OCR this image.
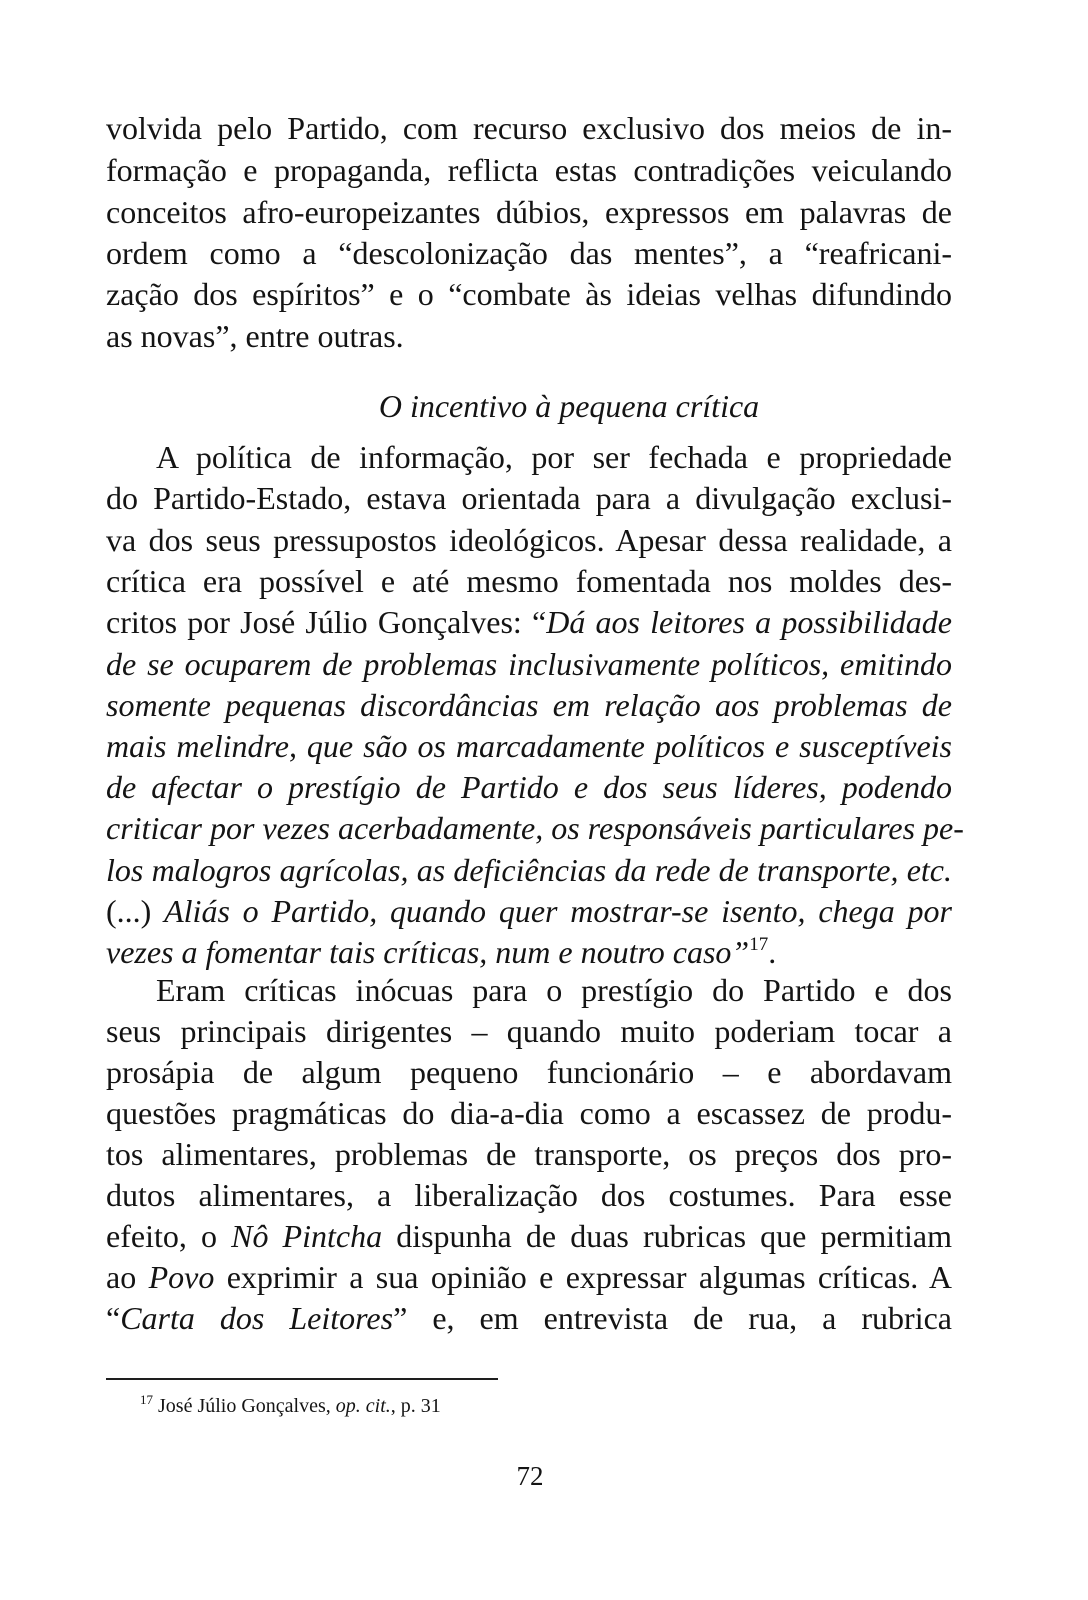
volvida pelo Partido, com recurso exclusivo dos meios de in-
formação e propaganda, reflicta estas contradições veiculando
conceitos afro-europeizantes dúbios, expressos em palavras de
ordem como a “descolonização das mentes”, a “reafricani-
zação dos espíritos” e o “combate às ideias velhas difundindo
as novas”, entre outras.
O incentivo à pequena crítica
A política de informação, por ser fechada e propriedade
do Partido-Estado, estava orientada para a divulgação exclusi-
va dos seus pressupostos ideológicos. Apesar dessa realidade, a
crítica era possível e até mesmo fomentada nos moldes des-
critos por José Júlio Gonçalves: “Dá aos leitores a possibilidade
de se ocuparem de problemas inclusivamente políticos, emitindo
somente pequenas discordâncias em relação aos problemas de
mais melindre, que são os marcadamente políticos e susceptíveis
de afectar o prestígio de Partido e dos seus líderes, podendo
criticar por vezes acerbadamente, os responsáveis particulares pe-
los malogros agrícolas, as deficiências da rede de transporte, etc.
(...) Aliás o Partido, quando quer mostrar-se isento, chega por
vezes a fomentar tais críticas, num e noutro caso”$^{17}$.
Eram críticas inócuas para o prestígio do Partido e dos
seus principais dirigentes – quando muito poderiam tocar a
prosápia de algum pequeno funcionário – e abordavam
questões pragmáticas do dia-a-dia como a escassez de produ-
tos alimentares, problemas de transporte, os preços dos pro-
dutos alimentares, a liberalização dos costumes. Para esse
efeito, o Nô Pintcha dispunha de duas rubricas que permitiam
ao Povo exprimir a sua opinião e expressar algumas críticas. A
“Carta dos Leitores” e, em entrevista de rua, a rubrica
$^{17}$ José Júlio Gonçalves, op. cit., p. 31
72
